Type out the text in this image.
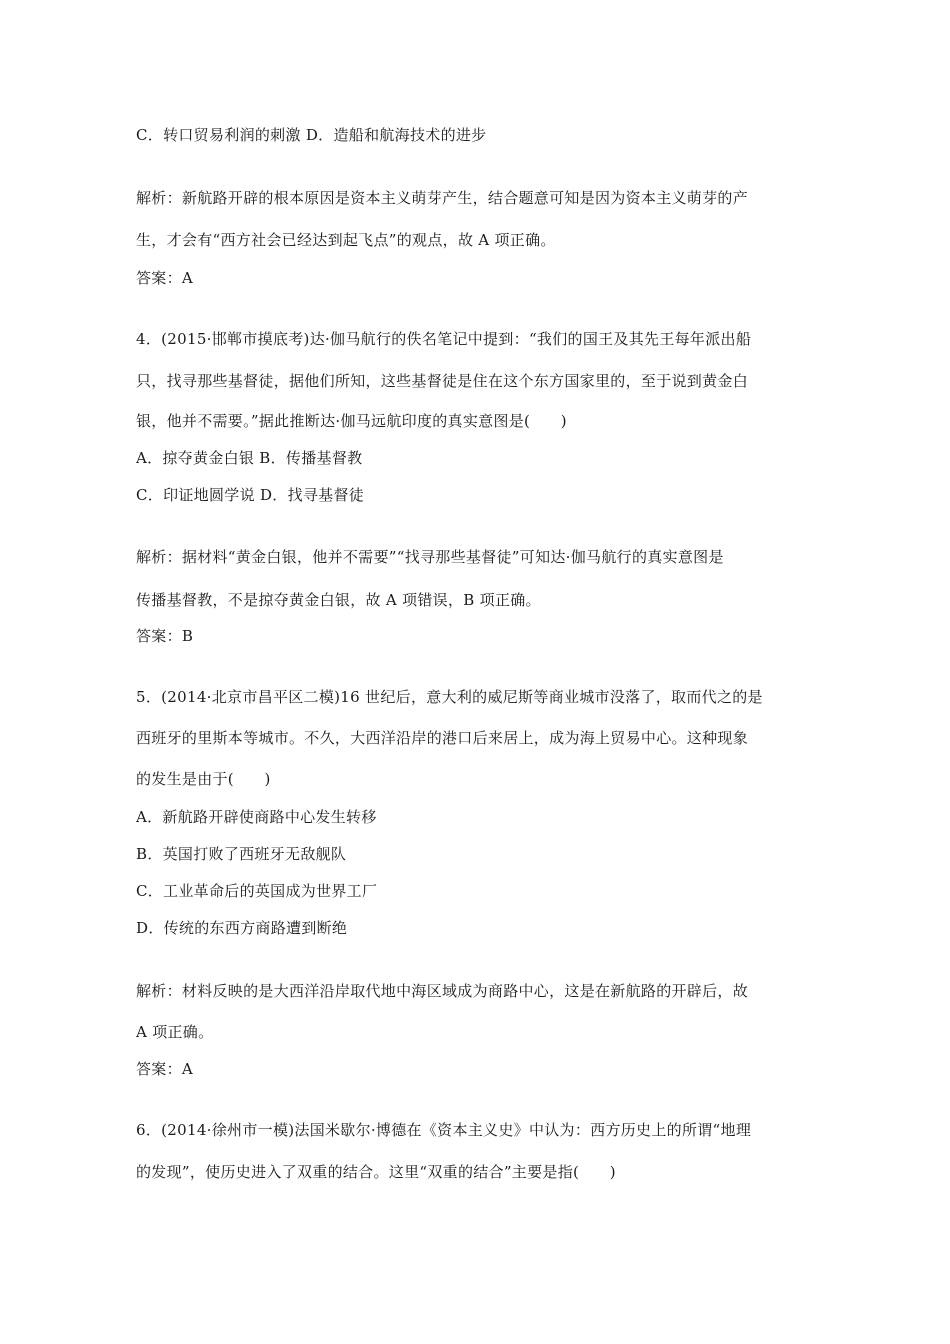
C．转口贸易利润的刺激 D．造船和航海技术的进步
解析：新航路开辟的根本原因是资本主义萌芽产生，结合题意可知是因为资本主义萌芽的产
生，才会有“西方社会已经达到起飞点”的观点，故 A 项正确。
答案：A
4．(2015·邯郸市摸底考)达·伽马航行的佚名笔记中提到：“我们的国王及其先王每年派出船
只，找寻那些基督徒，据他们所知，这些基督徒是住在这个东方国家里的，至于说到黄金白
银，他并不需要。”据此推断达·伽马远航印度的真实意图是(　　)
A．掠夺黄金白银 B．传播基督教
C．印证地圆学说 D．找寻基督徒
解析：据材料“黄金白银，他并不需要”“找寻那些基督徒”可知达·伽马航行的真实意图是
传播基督教，不是掠夺黄金白银，故 A 项错误，B 项正确。
答案：B
5．(2014·北京市昌平区二模)16 世纪后，意大利的威尼斯等商业城市没落了，取而代之的是
西班牙的里斯本等城市。不久，大西洋沿岸的港口后来居上，成为海上贸易中心。这种现象
的发生是由于(　　)
A．新航路开辟使商路中心发生转移
B．英国打败了西班牙无敌舰队
C．工业革命后的英国成为世界工厂
D．传统的东西方商路遭到断绝
解析：材料反映的是大西洋沿岸取代地中海区域成为商路中心，这是在新航路的开辟后，故
A 项正确。
答案：A
6．(2014·徐州市一模)法国米歇尔·博德在《资本主义史》中认为：西方历史上的所谓“地理
的发现”，使历史进入了双重的结合。这里“双重的结合”主要是指(　　)
